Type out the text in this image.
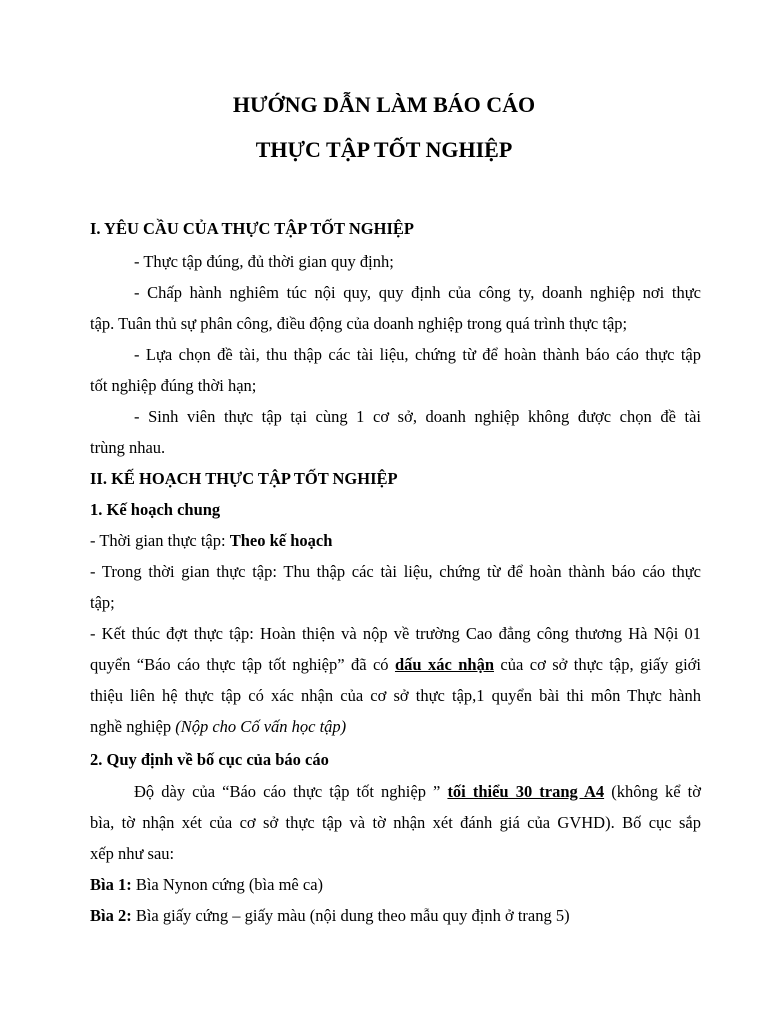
HƯỚNG DẪN LÀM BÁO CÁO
THỰC TẬP TỐT NGHIỆP
I. YÊU CẦU CỦA THỰC TẬP TỐT NGHIỆP
- Thực tập đúng, đủ thời gian quy định;
- Chấp hành nghiêm túc nội quy, quy định của công ty, doanh nghiệp nơi thực
tập. Tuân thủ sự phân công, điều động của doanh nghiệp trong quá trình thực tập;
- Lựa chọn đề tài, thu thập các tài liệu, chứng từ để hoàn thành báo cáo thực tập
tốt nghiệp đúng thời hạn;
- Sinh viên thực tập tại cùng 1 cơ sở, doanh nghiệp không được chọn đề tài
trùng nhau.
II. KẾ HOẠCH THỰC TẬP TỐT NGHIỆP
1. Kế hoạch chung
- Thời gian thực tập: Theo kế hoạch
- Trong thời gian thực tập: Thu thập các tài liệu, chứng từ để hoàn thành báo cáo thực
tập;
- Kết thúc đợt thực tập: Hoàn thiện và nộp về trường Cao đẳng công thương Hà Nội 01
quyển “Báo cáo thực tập tốt nghiệp” đã có dấu xác nhận của cơ sở thực tập, giấy giới
thiệu liên hệ thực tập có xác nhận của cơ sở thực tập,1 quyển bài thi môn Thực hành
nghề nghiệp (Nộp cho Cố vấn học tập)
2. Quy định về bố cục của báo cáo
Độ dày của “Báo cáo thực tập tốt nghiệp ” tối thiểu 30 trang A4 (không kể tờ
bìa, tờ nhận xét của cơ sở thực tập và tờ nhận xét đánh giá của GVHD). Bố cục sắp
xếp như sau:
Bìa 1: Bìa Nynon cứng (bìa mê ca)
Bìa 2: Bìa giấy cứng – giấy màu (nội dung theo mẫu quy định ở trang 5)
